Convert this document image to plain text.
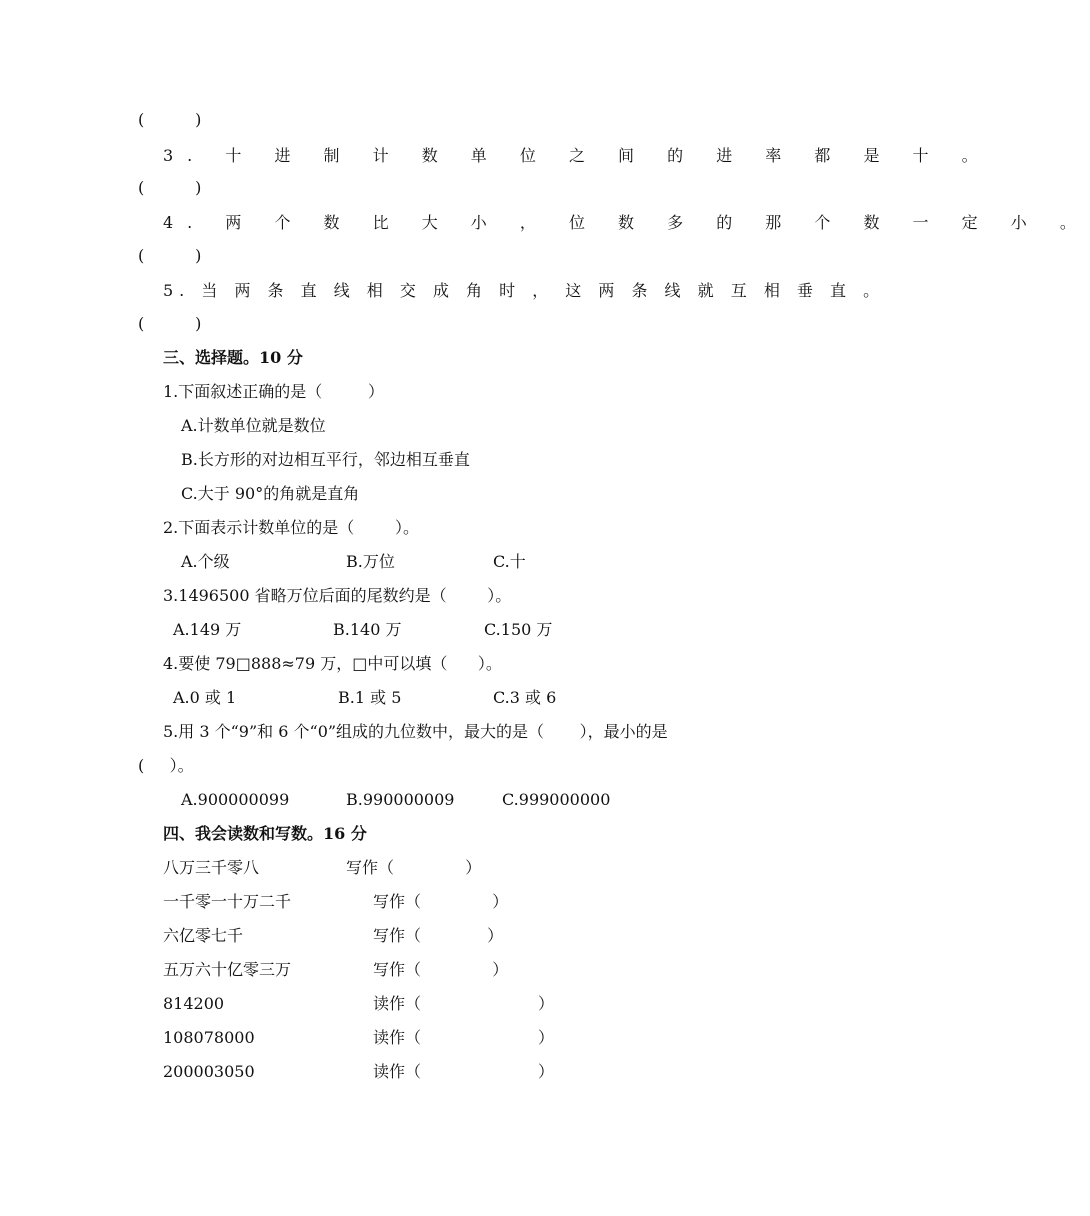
(          )
3. 十 进 制 计 数 单 位 之 间 的 进 率 都 是 十 。
(          )
4. 两 个 数 比 大 小 ， 位 数 多 的 那 个 数 一 定 小 。
(          )
5. 当 两 条 直 线 相 交 成 角 时 ， 这 两 条 线 就 互 相 垂 直 。
(          )
三、选择题。10 分
1.下面叙述正确的是（         ）
A.计数单位就是数位
B.长方形的对边相互平行，邻边相互垂直
C.大于 90°的角就是直角
2.下面表示计数单位的是（        ）。
A.个级	B.万位	C.十
3.1496500 省略万位后面的尾数约是（        ）。
A.149 万	B.140 万	C.150 万
4.要使 79□888≈79 万，□中可以填（      ）。
A.0 或 1	B.1 或 5	C.3 或 6
5.用 3 个“9”和 6 个“0”组成的九位数中，最大的是（       ），最小的是
(     ）。
A.900000099	B.990000009	C.999000000
四、我会读数和写数。16 分
八万三千零八	写作（              ）
一千零一十万二千	写作（              ）
六亿零七千	写作（             ）
五万六十亿零三万	写作（              ）
814200	读作（                       ）
108078000	读作（                       ）
200003050	读作（                       ）
